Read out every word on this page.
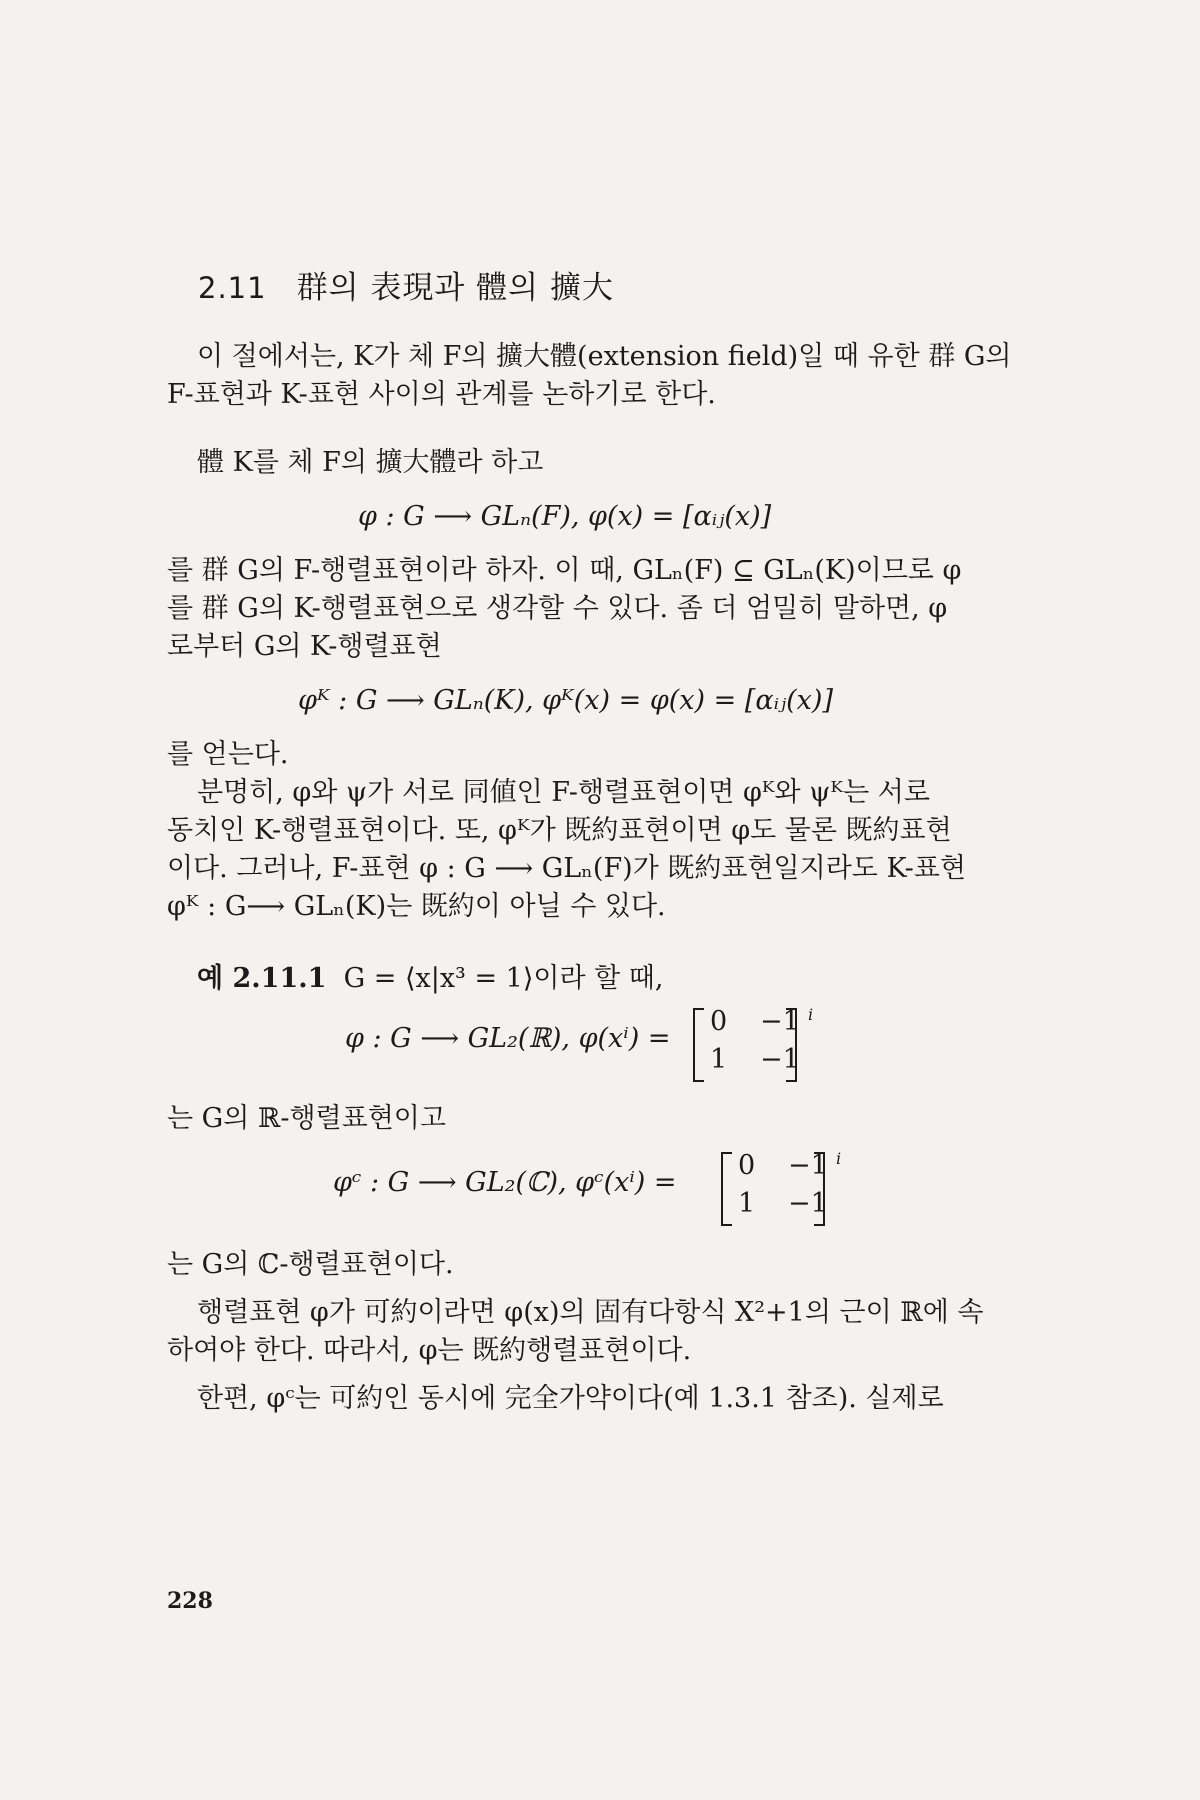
2.11 群의 表現과 體의 擴大

이 절에서는, K가 체 F의 擴大體(extension field)일 때 유한 群 G의

F-표현과 K-표현 사이의 관계를 논하기로 한다.

體 K를 체 F의 擴大體라 하고

φ : G ⟶ GLₙ(F), φ(x) = [αᵢⱼ(x)]

를 群 G의 F-행렬표현이라 하자. 이 때, GLₙ(F) ⊆ GLₙ(K)이므로 φ

를 群 G의 K-행렬표현으로 생각할 수 있다. 좀 더 엄밀히 말하면, φ

로부터 G의 K-행렬표현

φᴷ : G ⟶ GLₙ(K), φᴷ(x) = φ(x) = [αᵢⱼ(x)]

를 얻는다.

분명히, φ와 ψ가 서로 同値인 F-행렬표현이면 φᴷ와 ψᴷ는 서로

동치인 K-행렬표현이다. 또, φᴷ가 既約표현이면 φ도 물론 既約표현

이다. 그러나, F-표현 φ : G ⟶ GLₙ(F)가 既約표현일지라도 K-표현

φᴷ : G⟶ GLₙ(K)는 既約이 아닐 수 있다.

예 2.11.1 G = ⟨x|x³ = 1⟩이라 할 때,

φ : G ⟶ GL₂(ℝ), φ(xⁱ) =
0 −1
1 −1
i

는 G의 ℝ-행렬표현이고

φᶜ : G ⟶ GL₂(ℂ), φᶜ(xⁱ) =
0 −1
1 −1
i

는 G의 ℂ-행렬표현이다.

행렬표현 φ가 可約이라면 φ(x)의 固有다항식 X²+1의 근이 ℝ에 속

하여야 한다. 따라서, φ는 既約행렬표현이다.

한편, φᶜ는 可約인 동시에 完全가약이다(예 1.3.1 참조). 실제로

228
